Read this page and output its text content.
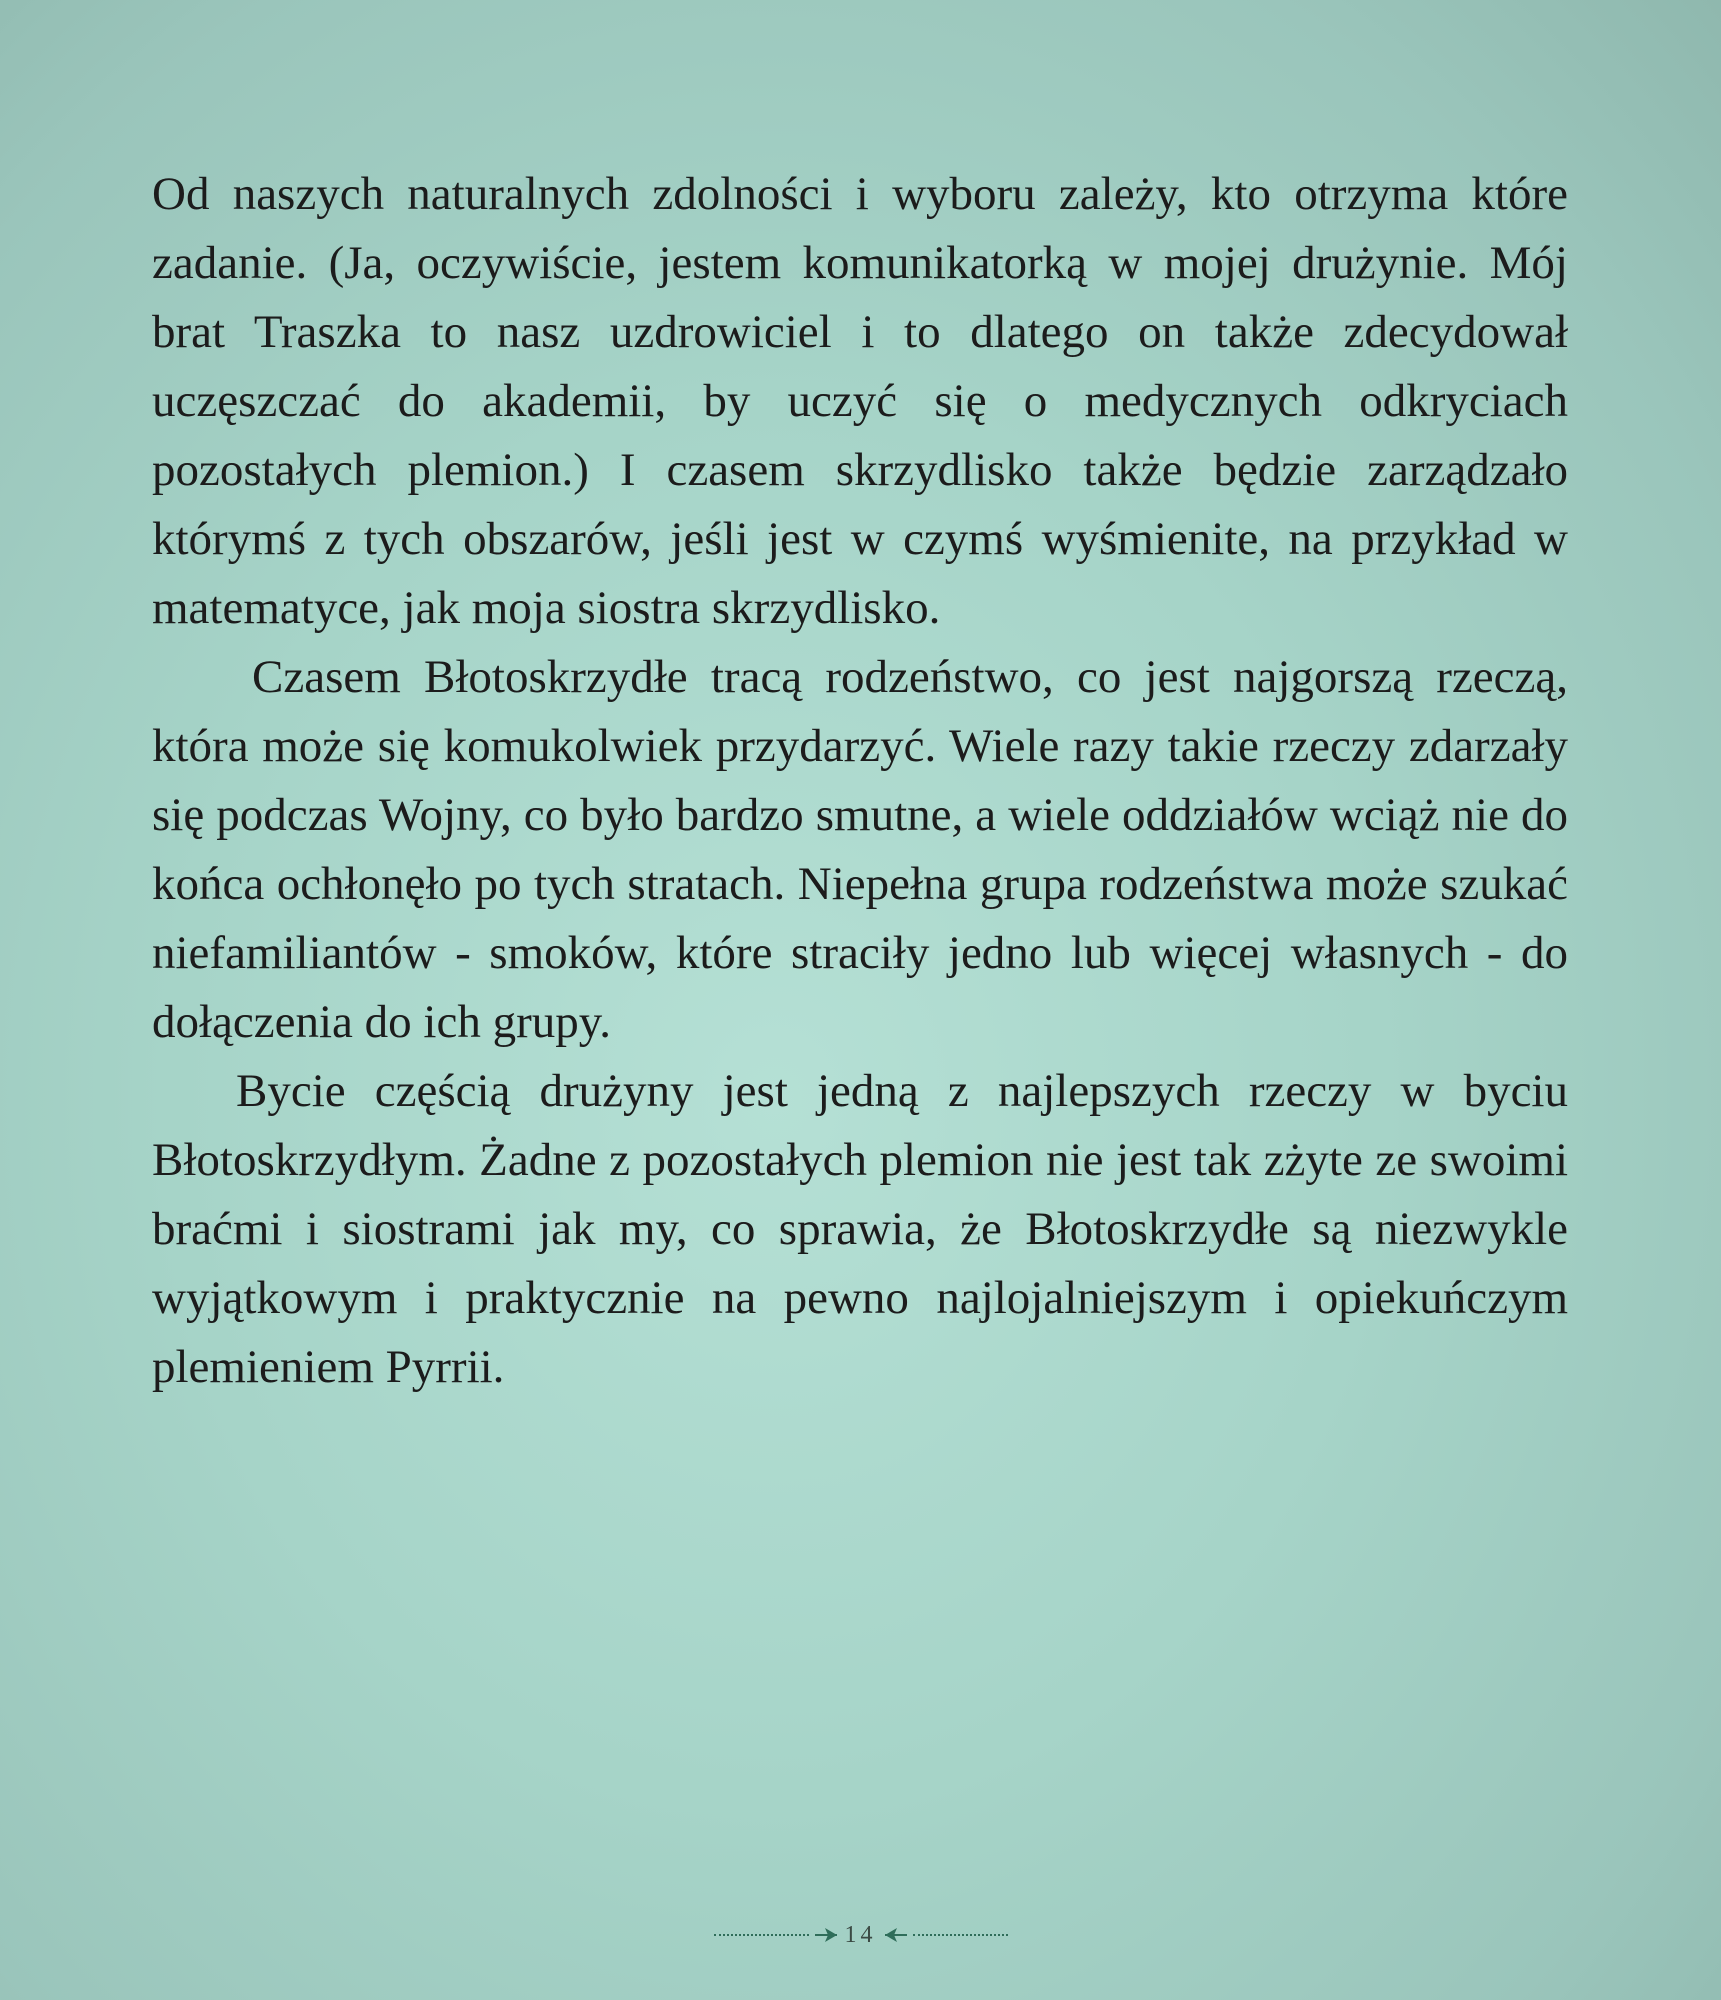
Od naszych naturalnych zdolności i wyboru zależy, kto otrzyma które zadanie. (Ja, oczywiście, jestem komunikatorką w mojej drużynie. Mój brat Traszka to nasz uzdrowiciel i to dlatego on także zdecydował uczęszczać do akademii, by uczyć się o medycznych odkryciach pozostałych plemion.) I czasem skrzydlisko także będzie zarządzało którymś z tych obszarów, jeśli jest w czymś wyśmienite, na przykład w matematyce, jak moja siostra skrzydlisko.

Czasem Błotoskrzydłe tracą rodzeństwo, co jest najgorszą rzeczą, która może się komukolwiek przydarzyć. Wiele razy takie rzeczy zdarzały się podczas Wojny, co było bardzo smutne, a wiele oddziałów wciąż nie do końca ochłonęło po tych stratach. Niepełna grupa rodzeństwa może szukać niefamiliantów - smoków, które straciły jedno lub więcej własnych - do dołączenia do ich grupy.

Bycie częścią drużyny jest jedną z najlepszych rzeczy w byciu Błotoskrzydłym. Żadne z pozostałych plemion nie jest tak zżyte ze swoimi braćmi i siostrami jak my, co sprawia, że Błotoskrzydłe są niezwykle wyjątkowym i praktycznie na pewno najlojalniejszym i opiekuńczym plemieniem Pyrrii.

14
